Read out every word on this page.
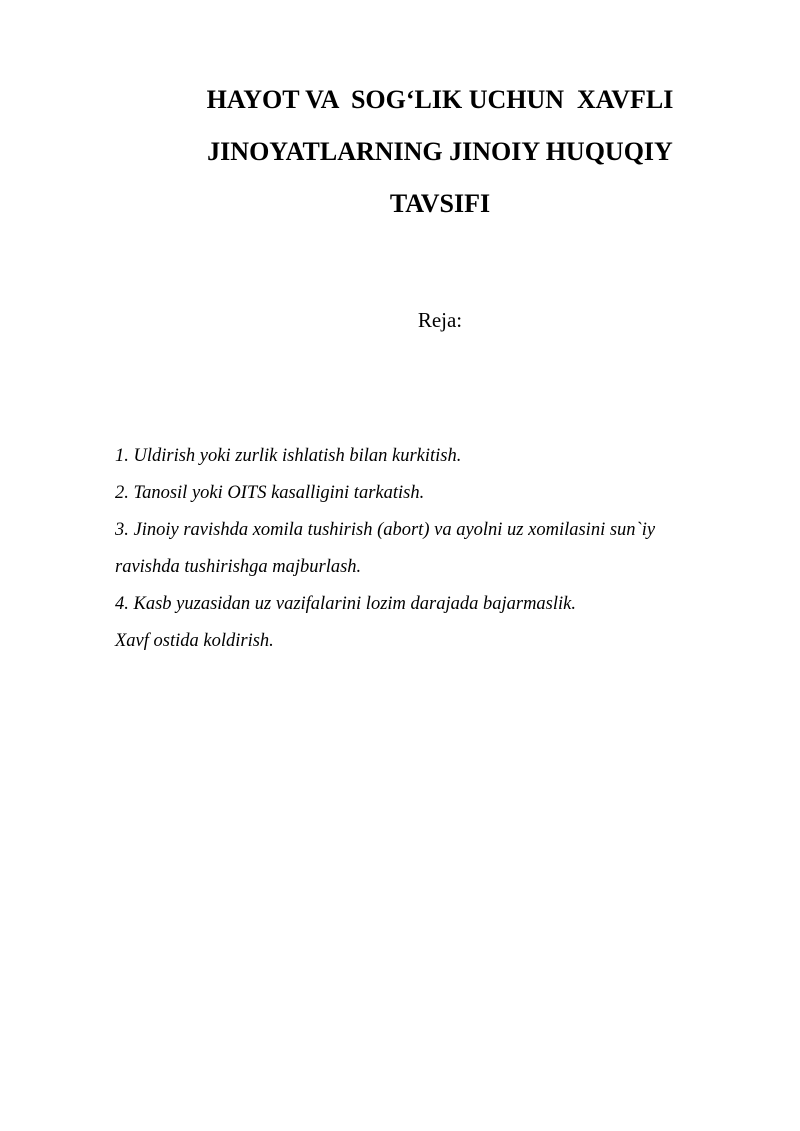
HAYOT VA  SOG‘LIK UCHUN  XAVFLI
JINOYATLARNING JINOIY HUQUQIY
TAVSIFI

Reja:

1. Uldirish yoki zurlik ishlatish bilan kurkitish.
2. Tanosil yoki OITS kasalligini tarkatish.
3. Jinoiy ravishda xomila tushirish (abort) va ayolni uz xomilasini sun`iy
ravishda tushirishga majburlash.
4. Kasb yuzasidan uz vazifalarini lozim darajada bajarmaslik.
Xavf ostida koldirish.
